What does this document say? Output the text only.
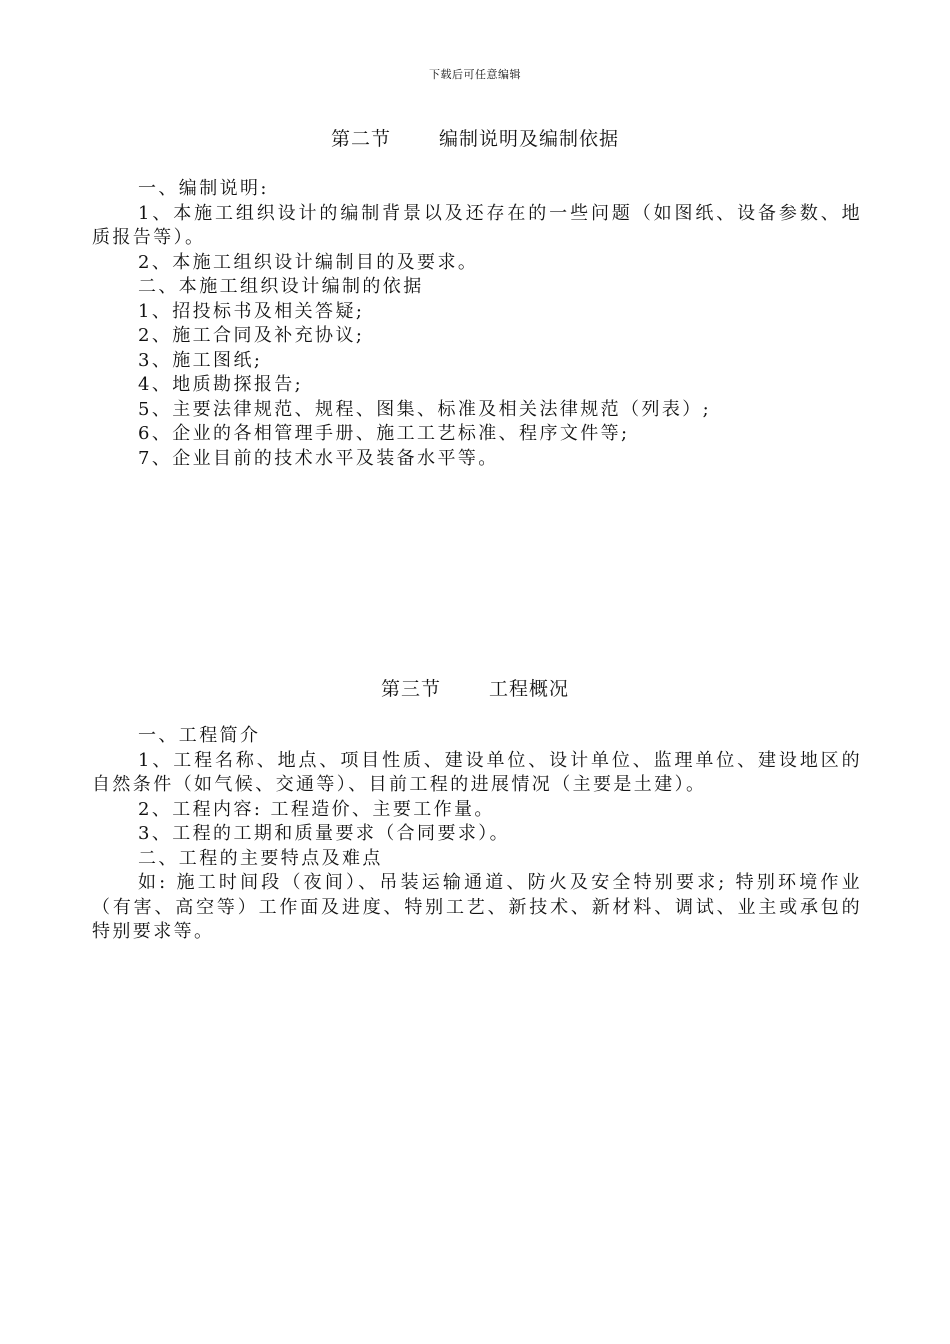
下载后可任意编辑
第二节	编制说明及编制依据

一、编制说明:

1、本施工组织设计的编制背景以及还存在的一些问题（如图纸、设备参数、地质报告等）。

2、本施工组织设计编制目的及要求。

二、本施工组织设计编制的依据

1、招投标书及相关答疑;

2、施工合同及补充协议;

3、施工图纸;

4、地质勘探报告;

5、主要法律规范、规程、图集、标准及相关法律规范（列表）;

6、企业的各相管理手册、施工工艺标准、程序文件等;

7、企业目前的技术水平及装备水平等。

第三节	工程概况

一、工程简介

1、工程名称、地点、项目性质、建设单位、设计单位、监理单位、建设地区的自然条件（如气候、交通等）、目前工程的进展情况（主要是土建）。

2、工程内容: 工程造价、主要工作量。

3、工程的工期和质量要求（合同要求）。

二、工程的主要特点及难点

如: 施工时间段（夜间）、吊装运输通道、防火及安全特别要求; 特别环境作业（有害、高空等）工作面及进度、特别工艺、新技术、新材料、调试、业主或承包的特别要求等。
